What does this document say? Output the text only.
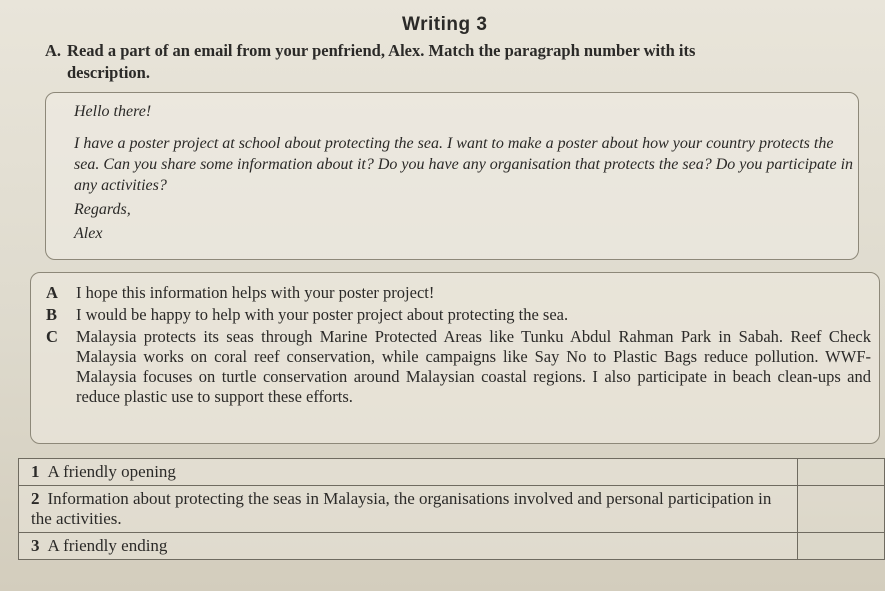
Writing 3
A. Read a part of an email from your penfriend, Alex. Match the paragraph number with its
description.
Hello there!
I have a poster project at school about protecting the sea. I want to make a poster about how your country protects the sea. Can you share some information about it? Do you have any organisation that protects the sea? Do you participate in any activities?
Regards,
Alex
A	I hope this information helps with your poster project!
B	I would be happy to help with your poster project about protecting the sea.
C	Malaysia protects its seas through Marine Protected Areas like Tunku Abdul Rahman Park in Sabah. Reef Check Malaysia works on coral reef conservation, while campaigns like Say No to Plastic Bags reduce pollution. WWF-Malaysia focuses on turtle conservation around Malaysian coastal regions. I also participate in beach clean-ups and reduce plastic use to support these efforts.
1 A friendly opening	
2 Information about protecting the seas in Malaysia, the organisations involved and personal participation in the activities.	
3 A friendly ending	
